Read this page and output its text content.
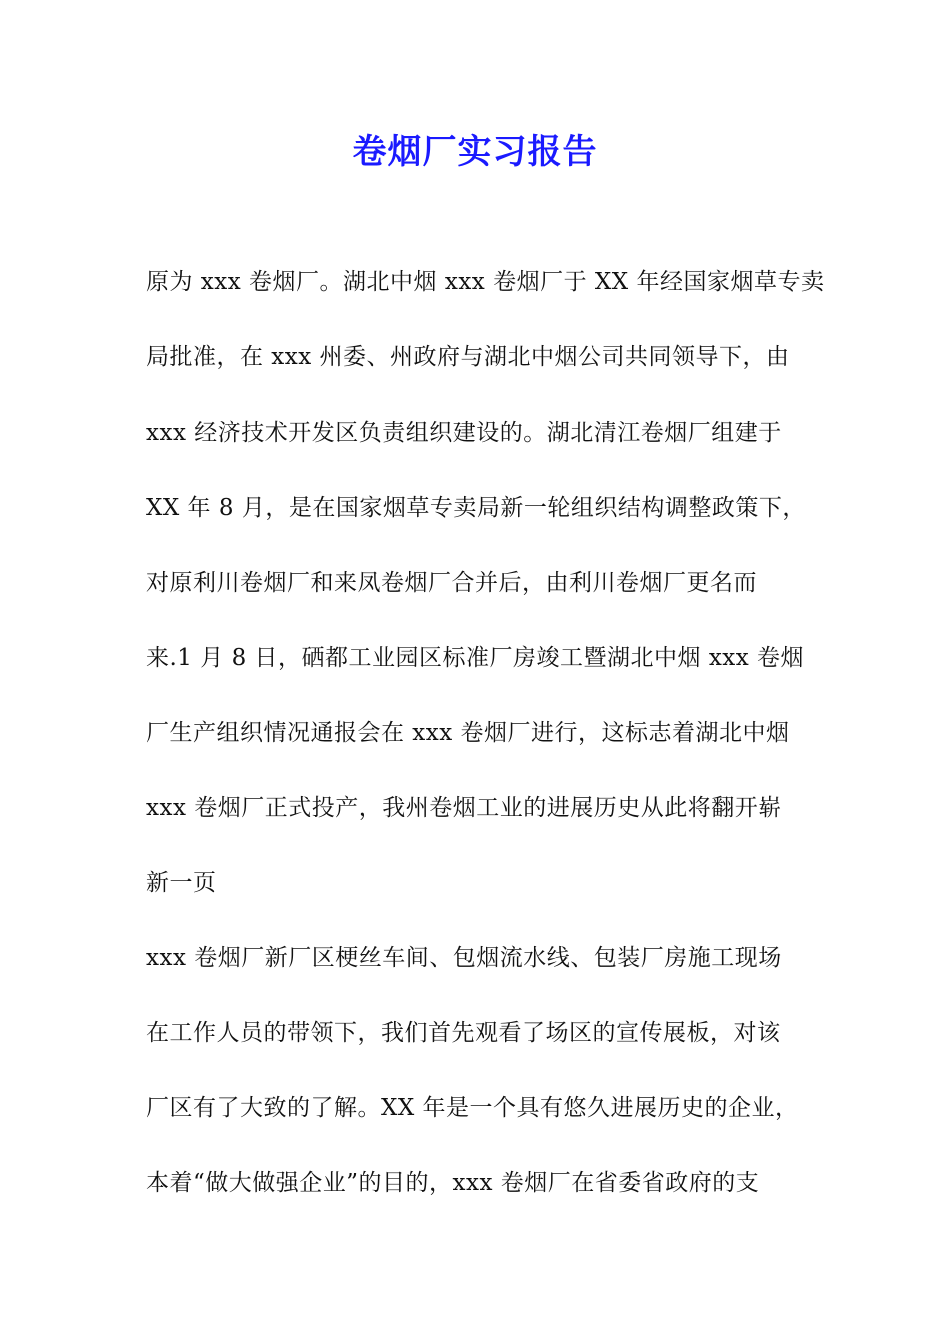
卷烟厂实习报告
原为 xxx 卷烟厂。湖北中烟 xxx 卷烟厂于 XX 年经国家烟草专卖
局批准，在 xxx 州委、州政府与湖北中烟公司共同领导下，由
xxx 经济技术开发区负责组织建设的。湖北清江卷烟厂组建于
XX 年 8 月，是在国家烟草专卖局新一轮组织结构调整政策下，
对原利川卷烟厂和来凤卷烟厂合并后，由利川卷烟厂更名而
来.1 月 8 日，硒都工业园区标准厂房竣工暨湖北中烟 xxx 卷烟
厂生产组织情况通报会在 xxx 卷烟厂进行，这标志着湖北中烟
xxx 卷烟厂正式投产，我州卷烟工业的进展历史从此将翻开崭
新一页
xxx 卷烟厂新厂区梗丝车间、包烟流水线、包装厂房施工现场
在工作人员的带领下，我们首先观看了场区的宣传展板，对该
厂区有了大致的了解。XX 年是一个具有悠久进展历史的企业，
本着“做大做强企业”的目的，xxx 卷烟厂在省委省政府的支
